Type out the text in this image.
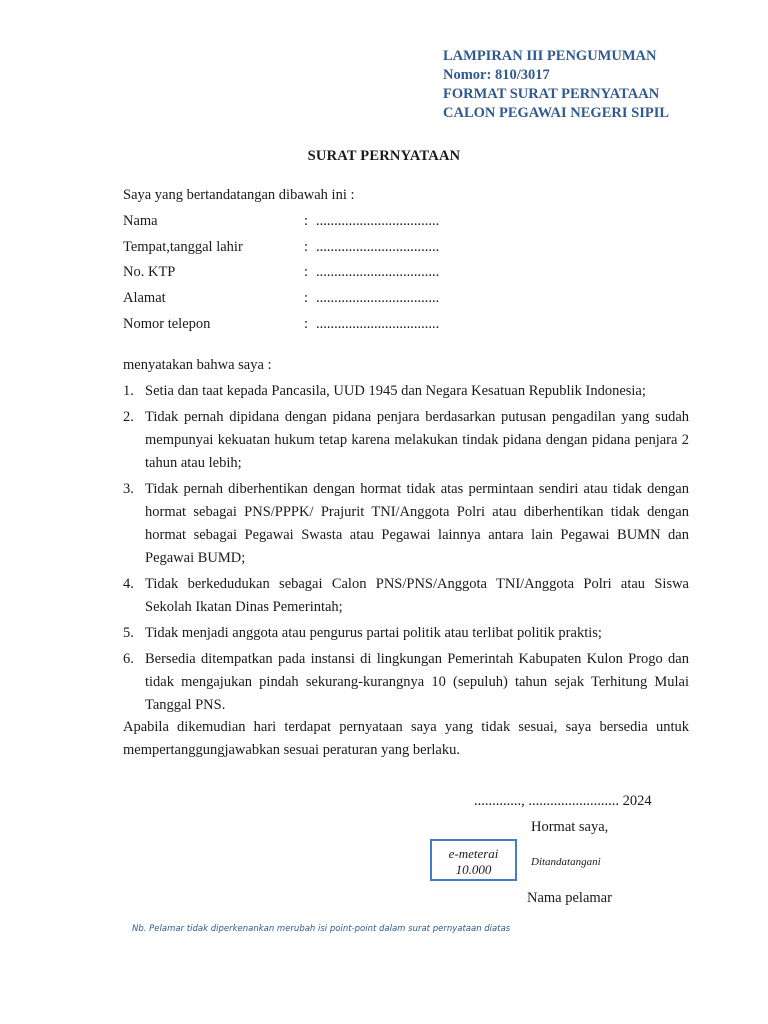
LAMPIRAN III PENGUMUMAN
Nomor: 810/3017
FORMAT SURAT PERNYATAAN
CALON PEGAWAI NEGERI SIPIL
SURAT PERNYATAAN
Saya yang bertandatangan dibawah ini :
Nama	: ..................................
Tempat,tanggal lahir	: ..................................
No. KTP	: ..................................
Alamat	: ..................................
Nomor telepon	: ..................................
menyatakan bahwa saya :
1. Setia dan taat kepada Pancasila, UUD 1945 dan Negara Kesatuan Republik Indonesia;
2. Tidak pernah dipidana dengan pidana penjara berdasarkan putusan pengadilan yang sudah mempunyai kekuatan hukum tetap karena melakukan tindak pidana dengan pidana penjara 2 tahun atau lebih;
3. Tidak pernah diberhentikan dengan hormat tidak atas permintaan sendiri atau tidak dengan hormat sebagai PNS/PPPK/ Prajurit TNI/Anggota Polri atau diberhentikan tidak dengan hormat sebagai Pegawai Swasta atau Pegawai lainnya antara lain Pegawai BUMN dan Pegawai BUMD;
4. Tidak berkedudukan sebagai Calon PNS/PNS/Anggota TNI/Anggota Polri atau Siswa Sekolah Ikatan Dinas Pemerintah;
5. Tidak menjadi anggota atau pengurus partai politik atau terlibat politik praktis;
6. Bersedia ditempatkan pada instansi di lingkungan Pemerintah Kabupaten Kulon Progo dan tidak mengajukan pindah sekurang-kurangnya 10 (sepuluh) tahun sejak Terhitung Mulai Tanggal PNS.
Apabila dikemudian hari terdapat pernyataan saya yang tidak sesuai, saya bersedia untuk mempertanggungjawabkan sesuai peraturan yang berlaku.
............., ......................... 2024
Hormat saya,
e-meterai
10.000	Ditandatangani
Nama pelamar
Nb. Pelamar tidak diperkenankan merubah isi point-point dalam surat pernyataan diatas
